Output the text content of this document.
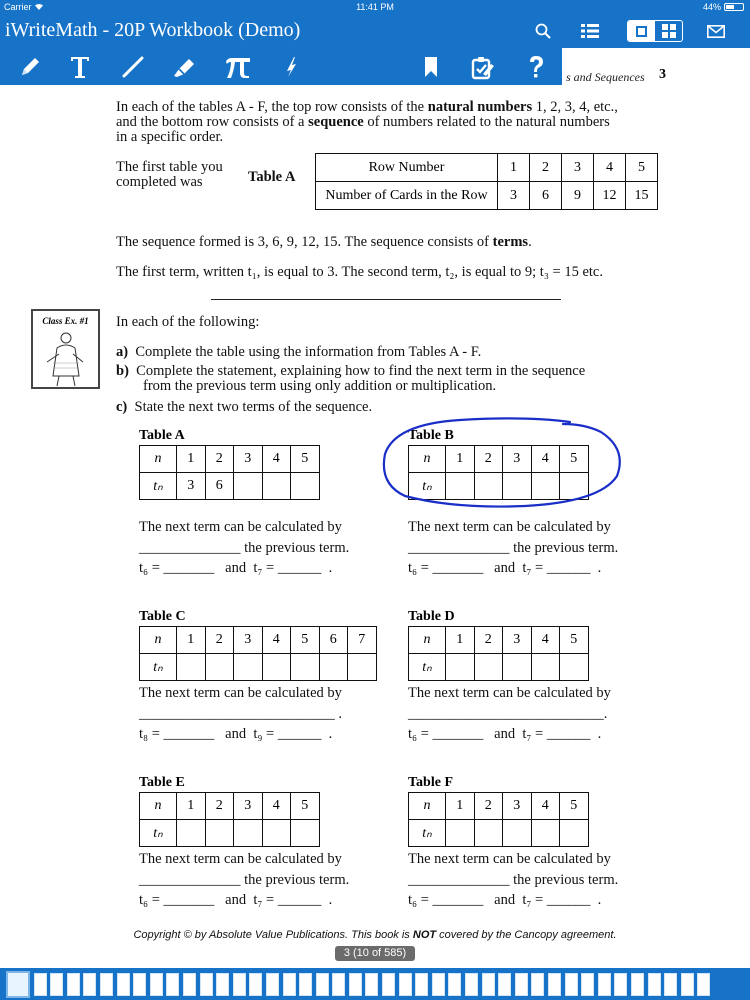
Carrier	11:41 PM	44%
iWriteMath - 20P Workbook (Demo)
s and Sequences 3
In each of the tables A - F, the top row consists of the natural numbers 1, 2, 3, 4, etc.,
and the bottom row consists of a sequence of numbers related to the natural numbers
in a specific order.
The first table you
completed was	Table A
Row Number	1	2	3	4	5
Number of Cards in the Row	3	6	9	12	15
The sequence formed is 3, 6, 9, 12, 15. The sequence consists of terms.
The first term, written t₁, is equal to 3. The second term, t₂, is equal to 9; t₃ = 15 etc.
Class Ex. #1	In each of the following:
a) Complete the table using the information from Tables A - F.
b) Complete the statement, explaining how to find the next term in the sequence
from the previous term using only addition or multiplication.
c) State the next two terms of the sequence.
Table A
n	1	2	3	4	5
tₙ	3	6			
The next term can be calculated by
______________ the previous term.
t₆ = _______ and t₇ = ______ .
Table B
n	1	2	3	4	5
tₙ					
The next term can be calculated by
______________ the previous term.
t₆ = _______ and t₇ = ______ .
Table C
n	1	2	3	4	5	6	7
tₙ							
The next term can be calculated by
___________________________ .
t₈ = _______ and t₉ = ______ .
Table D
n	1	2	3	4	5
tₙ					
The next term can be calculated by
___________________________.
t₆ = _______ and t₇ = ______ .
Table E
n	1	2	3	4	5
tₙ					
The next term can be calculated by
______________ the previous term.
t₆ = _______ and t₇ = ______ .
Table F
n	1	2	3	4	5
tₙ					
The next term can be calculated by
______________ the previous term.
t₆ = _______ and t₇ = ______ .
Copyright © by Absolute Value Publications. This book is NOT covered by the Cancopy agreement.
3 (10 of 585)
